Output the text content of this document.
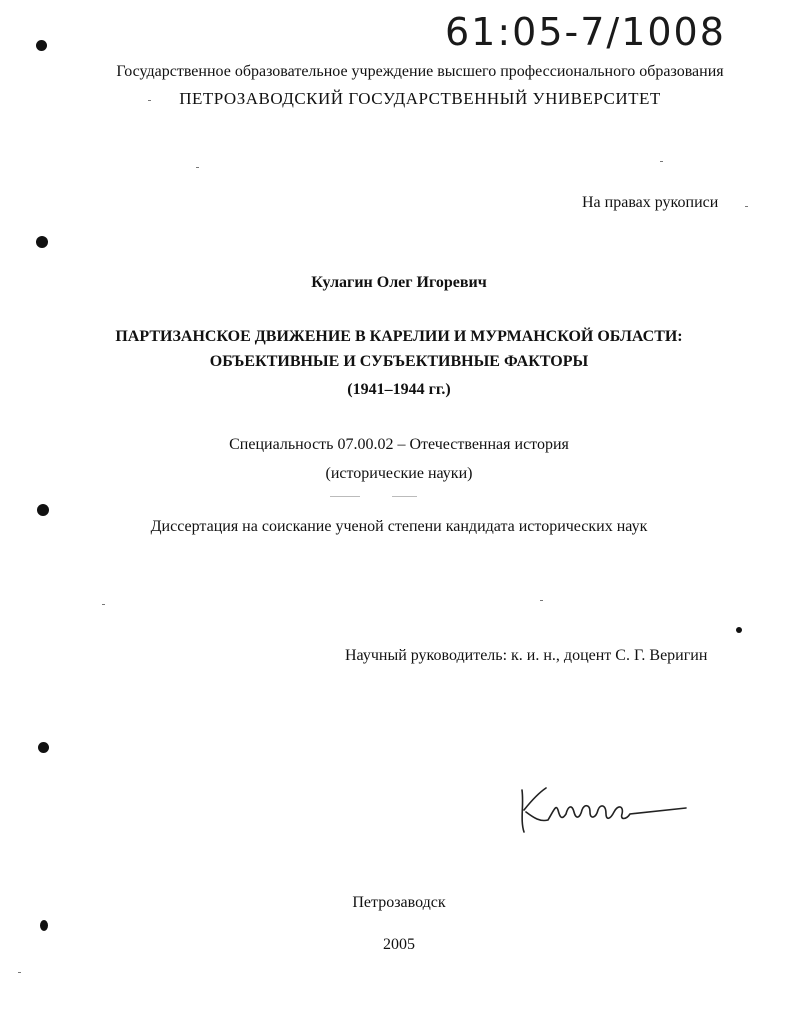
61:05-7/1008
Государственное образовательное учреждение высшего профессионального образования
ПЕТРОЗАВОДСКИЙ ГОСУДАРСТВЕННЫЙ УНИВЕРСИТЕТ
На правах рукописи
Кулагин Олег Игоревич
ПАРТИЗАНСКОЕ ДВИЖЕНИЕ В КАРЕЛИИ И МУРМАНСКОЙ ОБЛАСТИ:
ОБЪЕКТИВНЫЕ И СУБЪЕКТИВНЫЕ ФАКТОРЫ
(1941–1944 гг.)
Специальность 07.00.02 – Отечественная история
(исторические науки)
Диссертация на соискание ученой степени кандидата исторических наук
Научный руководитель: к. и. н., доцент С. Г. Веригин
Петрозаводск
2005
